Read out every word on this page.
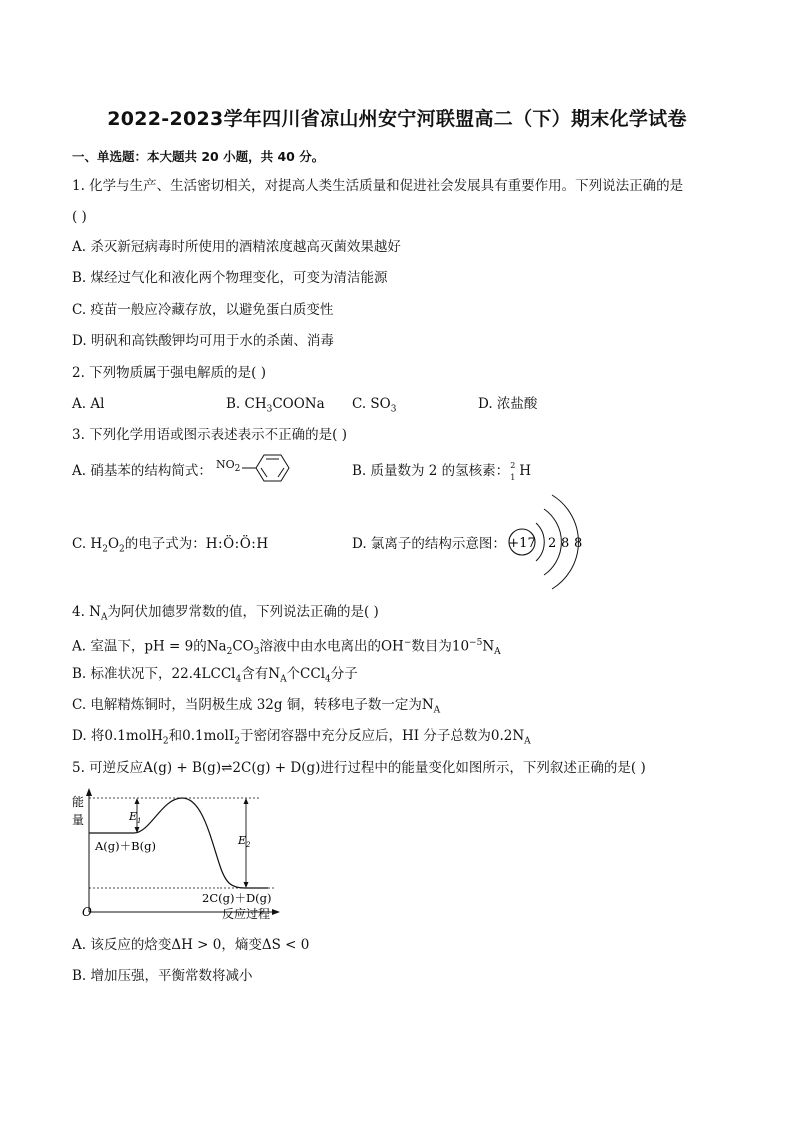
2022-2023学年四川省凉山州安宁河联盟高二（下）期末化学试卷
一、单选题：本大题共 20 小题，共 40 分。
1. 化学与生产、生活密切相关，对提高人类生活质量和促进社会发展具有重要作用。下列说法正确的是
( )
A. 杀灭新冠病毒时所使用的酒精浓度越高灭菌效果越好
B. 煤经过气化和液化两个物理变化，可变为清洁能源
C. 疫苗一般应冷藏存放，以避免蛋白质变性
D. 明矾和高铁酸钾均可用于水的杀菌、消毒
2. 下列物质属于强电解质的是( )
A. Al	B. $CH_3COONa$ C. $SO_3$	D. 浓盐酸
3. 下列化学用语或图示表述表示不正确的是( )
A. 硝基苯的结构简式： $NO_2$	B. 质量数为 2 的氢核素： 2
1 H
C. $H_2O_2$的电子式为：H:Ö:Ö:H	D. 氯离子的结构示意图： +17 2 8 8
4. $N_A$为阿伏加德罗常数的值，下列说法正确的是( )
A. 室温下，pH = 9的$Na_2CO_3$溶液中由水电离出的OH−数目为$10^{-5}N_A$
B. 标准状况下，22.4LCCl$_4$含有$N_A$个CCl$_4$分子
C. 电解精炼铜时，当阴极生成 32g 铜，转移电子数一定为$N_A$
D. 将0.1molH$_2$和0.1molI$_2$于密闭容器中充分反应后，HI 分子总数为$0.2N_A$
5. 可逆反应A(g) + B(g)⇌2C(g) + D(g)进行过程中的能量变化如图所示，下列叙述正确的是( )
能
量
O	反应过程
E 1
E 2
A(g)＋B(g)
2C(g)＋D(g)
A. 该反应的焓变ΔH > 0，熵变ΔS < 0
B. 增加压强，平衡常数将减小
